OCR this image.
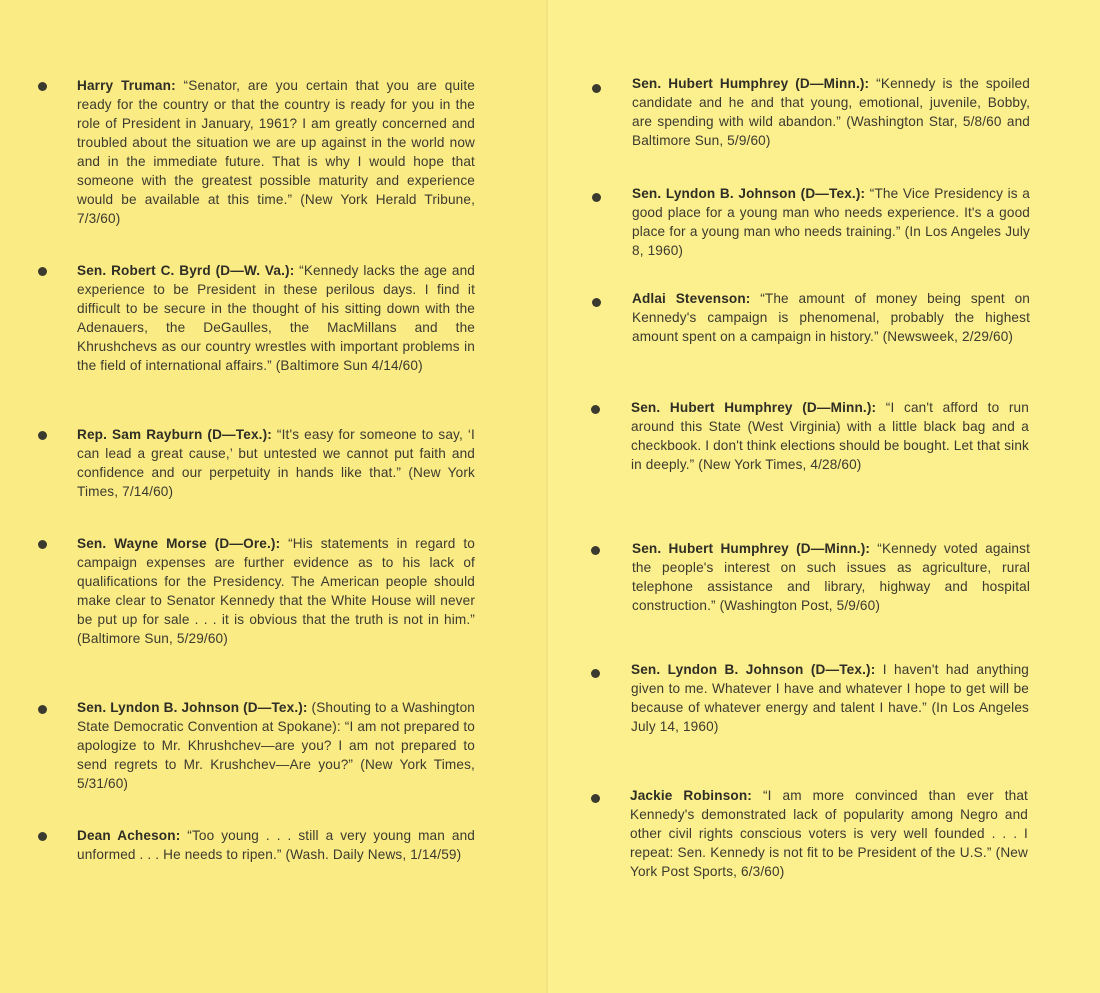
Harry Truman: “Senator, are you certain that you are quite ready for the country or that the country is ready for you in the role of President in January, 1961? I am greatly concerned and troubled about the situation we are up against in the world now and in the immediate future. That is why I would hope that someone with the greatest possible maturity and experience would be available at this time.” (New York Herald Tribune, 7/3/60)
Sen. Robert C. Byrd (D—W. Va.): “Kennedy lacks the age and experience to be President in these perilous days. I find it difficult to be secure in the thought of his sitting down with the Adenauers, the DeGaulles, the MacMillans and the Khrushchevs as our country wrestles with important problems in the field of international affairs.” (Baltimore Sun 4/14/60)
Rep. Sam Rayburn (D—Tex.): “It's easy for someone to say, ‘I can lead a great cause,’ but untested we cannot put faith and confidence and our perpetuity in hands like that.” (New York Times, 7/14/60)
Sen. Wayne Morse (D—Ore.): “His statements in regard to campaign expenses are further evidence as to his lack of qualifications for the Presidency. The American people should make clear to Senator Kennedy that the White House will never be put up for sale . . . it is obvious that the truth is not in him.” (Baltimore Sun, 5/29/60)
Sen. Lyndon B. Johnson (D—Tex.): (Shouting to a Washington State Democratic Convention at Spokane): “I am not prepared to apologize to Mr. Khrushchev—are you? I am not prepared to send regrets to Mr. Krushchev—Are you?” (New York Times, 5/31/60)
Dean Acheson: “Too young . . . still a very young man and unformed . . . He needs to ripen.” (Wash. Daily News, 1/14/59)
Sen. Hubert Humphrey (D—Minn.): “Kennedy is the spoiled candidate and he and that young, emotional, juvenile, Bobby, are spending with wild abandon.” (Washington Star, 5/8/60 and Baltimore Sun, 5/9/60)
Sen. Lyndon B. Johnson (D—Tex.): “The Vice Presidency is a good place for a young man who needs experience. It's a good place for a young man who needs training.” (In Los Angeles July 8, 1960)
Adlai Stevenson: “The amount of money being spent on Kennedy's campaign is phenomenal, probably the highest amount spent on a campaign in history.” (Newsweek, 2/29/60)
Sen. Hubert Humphrey (D—Minn.): “I can't afford to run around this State (West Virginia) with a little black bag and a checkbook. I don't think elections should be bought. Let that sink in deeply.” (New York Times, 4/28/60)
Sen. Hubert Humphrey (D—Minn.): “Kennedy voted against the people's interest on such issues as agriculture, rural telephone assistance and library, highway and hospital construction.” (Washington Post, 5/9/60)
Sen. Lyndon B. Johnson (D—Tex.): I haven't had anything given to me. Whatever I have and whatever I hope to get will be because of whatever energy and talent I have.” (In Los Angeles July 14, 1960)
Jackie Robinson: “I am more convinced than ever that Kennedy's demonstrated lack of popularity among Negro and other civil rights conscious voters is very well founded . . . I repeat: Sen. Kennedy is not fit to be President of the U.S.” (New York Post Sports, 6/3/60)
